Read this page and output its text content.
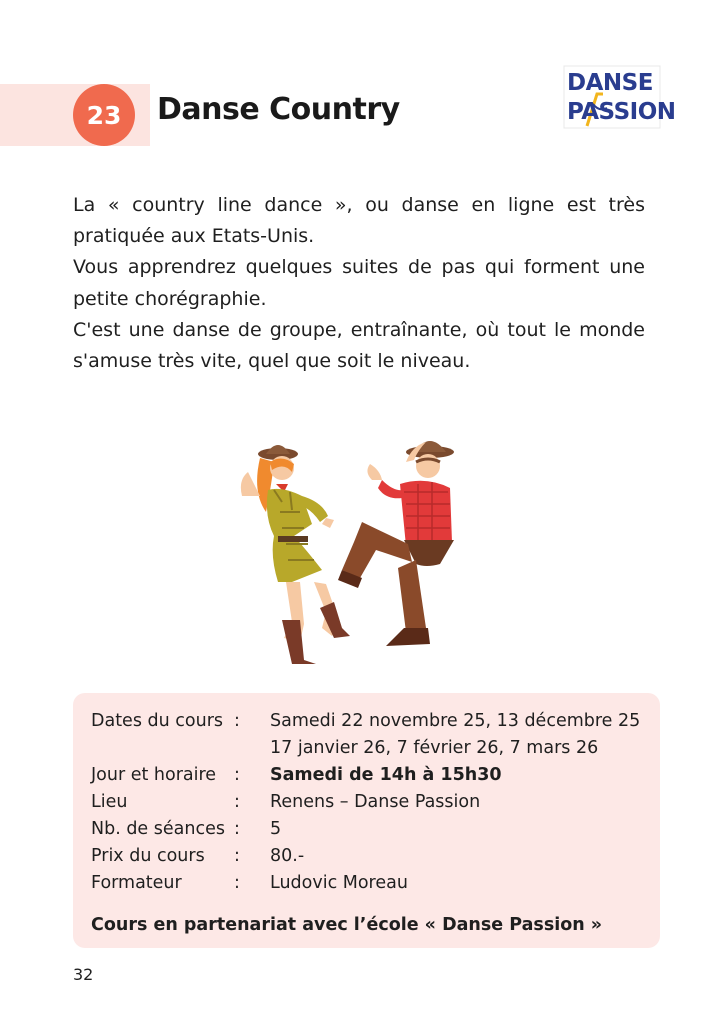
23	Danse Country
DANSE
PASSION

La « country line dance », ou danse en ligne est très pratiquée aux Etats-Unis.

Vous apprendrez quelques suites de pas qui forment une petite chorégraphie.

C'est une danse de groupe, entraînante, où tout le monde s'amuse très vite, quel que soit le niveau.

Dates du cours : Samedi 22 novembre 25, 13 décembre 25
17 janvier 26, 7 février 26, 7 mars 26
Jour et horaire : Samedi de 14h à 15h30
Lieu	: Renens – Danse Passion
Nb. de séances : 5
Prix du cours : 80.-
Formateur	: Ludovic Moreau
Cours en partenariat avec l’école « Danse Passion »
32
